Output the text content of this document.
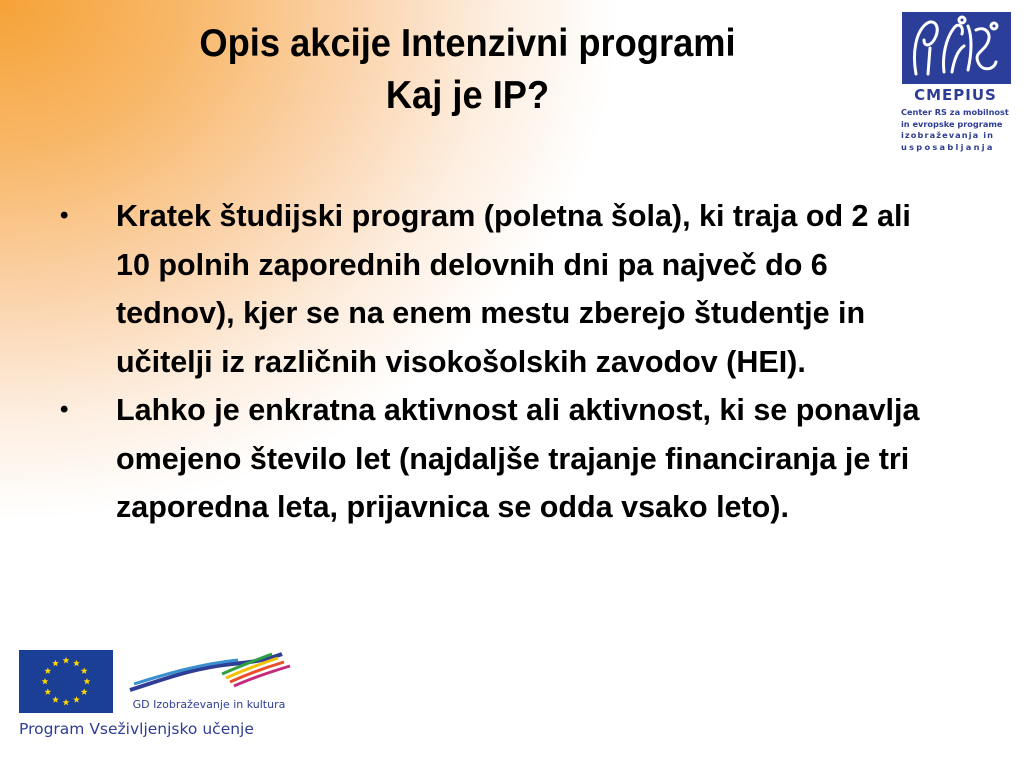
Opis akcije Intenzivni programi
Kaj je IP?	CMEPIUS
Center RS za mobilnost
in evropske programe
izobraževanja in
usposabljanja
• Kratek študijski program (poletna šola), ki traja od 2 ali 10 polnih zaporednih delovnih dni pa največ do 6 tednov), kjer se na enem mestu zberejo študentje in učitelji iz različnih visokošolskih zavodov (HEI).
• Lahko je enkratna aktivnost ali aktivnost, ki se ponavlja omejeno število let (najdaljše trajanje financiranja je tri zaporedna leta, prijavnica se odda vsako leto).
GD Izobraževanje in kultura
Program Vseživljenjsko učenje
